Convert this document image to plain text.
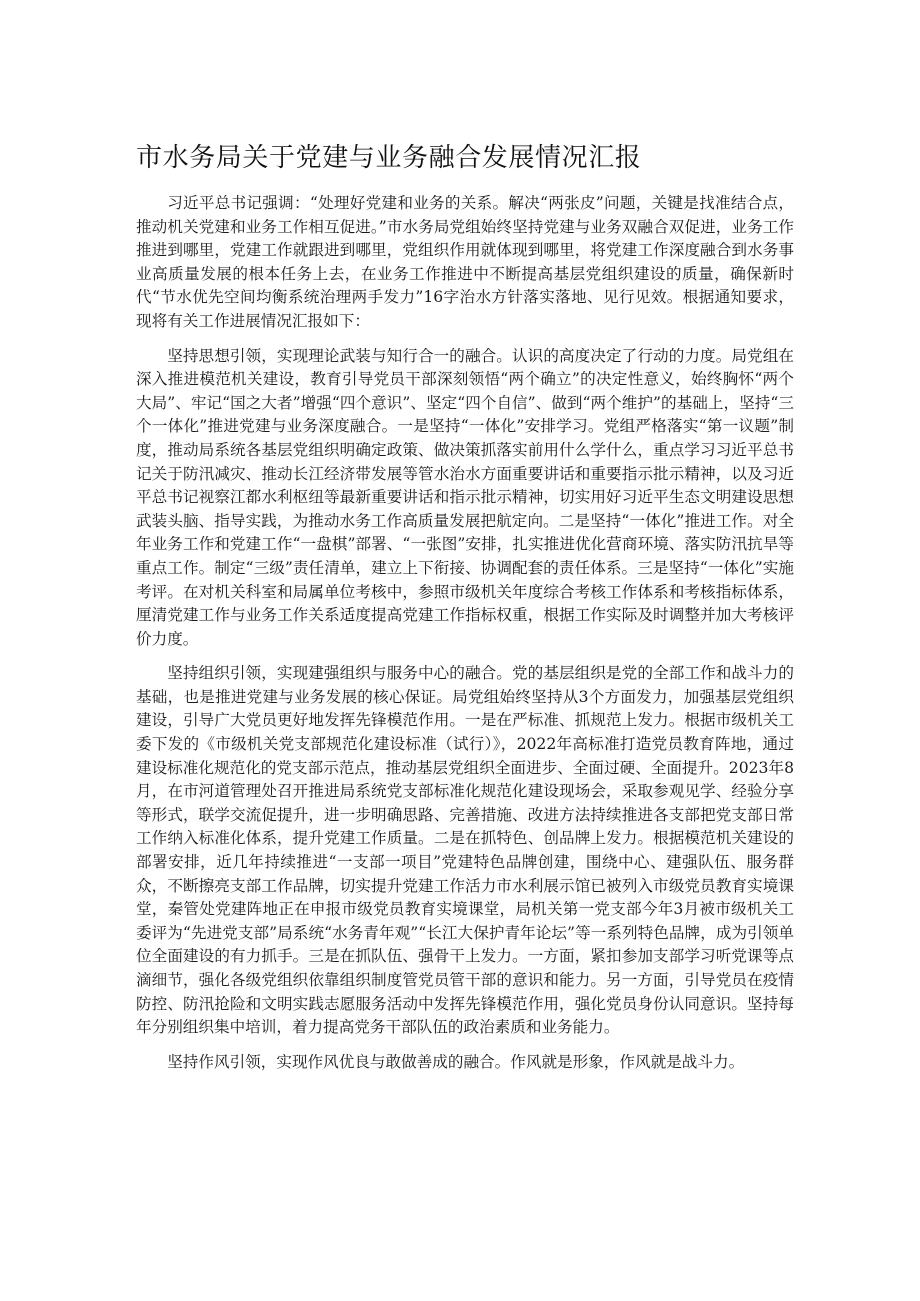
市水务局关于党建与业务融合发展情况汇报

习近平总书记强调：“处理好党建和业务的关系。解决“两张皮”问题，关键是找准结合点，推动机关党建和业务工作相互促进。”市水务局党组始终坚持党建与业务双融合双促进，业务工作推进到哪里，党建工作就跟进到哪里，党组织作用就体现到哪里，将党建工作深度融合到水务事业高质量发展的根本任务上去，在业务工作推进中不断提高基层党组织建设的质量，确保新时代“节水优先空间均衡系统治理两手发力”16字治水方针落实落地、见行见效。根据通知要求，现将有关工作进展情况汇报如下：

坚持思想引领，实现理论武装与知行合一的融合。认识的高度决定了行动的力度。局党组在深入推进模范机关建设，教育引导党员干部深刻领悟“两个确立”的决定性意义，始终胸怀“两个大局”、牢记“国之大者”增强“四个意识”、坚定“四个自信”、做到“两个维护”的基础上，坚持“三个一体化”推进党建与业务深度融合。一是坚持“一体化”安排学习。党组严格落实“第一议题”制度，推动局系统各基层党组织明确定政策、做决策抓落实前用什么学什么，重点学习习近平总书记关于防汛减灾、推动长江经济带发展等管水治水方面重要讲话和重要指示批示精神，以及习近平总书记视察江都水利枢纽等最新重要讲话和指示批示精神，切实用好习近平生态文明建设思想武装头脑、指导实践，为推动水务工作高质量发展把航定向。二是坚持“一体化”推进工作。对全年业务工作和党建工作“一盘棋”部署、“一张图”安排，扎实推进优化营商环境、落实防汛抗旱等重点工作。制定“三级”责任清单，建立上下衔接、协调配套的责任体系。三是坚持“一体化”实施考评。在对机关科室和局属单位考核中，参照市级机关年度综合考核工作体系和考核指标体系，厘清党建工作与业务工作关系适度提高党建工作指标权重，根据工作实际及时调整并加大考核评价力度。

坚持组织引领，实现建强组织与服务中心的融合。党的基层组织是党的全部工作和战斗力的基础，也是推进党建与业务发展的核心保证。局党组始终坚持从3个方面发力，加强基层党组织建设，引导广大党员更好地发挥先锋模范作用。一是在严标准、抓规范上发力。根据市级机关工委下发的《市级机关党支部规范化建设标准（试行）》，2022年高标准打造党员教育阵地，通过建设标准化规范化的党支部示范点，推动基层党组织全面进步、全面过硬、全面提升。2023年8月，在市河道管理处召开推进局系统党支部标准化规范化建设现场会，采取参观见学、经验分享等形式，联学交流促提升，进一步明确思路、完善措施、改进方法持续推进各支部把党支部日常工作纳入标准化体系，提升党建工作质量。二是在抓特色、创品牌上发力。根据模范机关建设的部署安排，近几年持续推进“一支部一项目”党建特色品牌创建，围绕中心、建强队伍、服务群众，不断擦亮支部工作品牌，切实提升党建工作活力市水利展示馆已被列入市级党员教育实境课堂，秦管处党建阵地正在申报市级党员教育实境课堂，局机关第一党支部今年3月被市级机关工委评为“先进党支部”局系统“水务青年观”“长江大保护青年论坛”等一系列特色品牌，成为引领单位全面建设的有力抓手。三是在抓队伍、强骨干上发力。一方面，紧扣参加支部学习听党课等点滴细节，强化各级党组织依靠组织制度管党员管干部的意识和能力。另一方面，引导党员在疫情防控、防汛抢险和文明实践志愿服务活动中发挥先锋模范作用，强化党员身份认同意识。坚持每年分别组织集中培训，着力提高党务干部队伍的政治素质和业务能力。

坚持作风引领，实现作风优良与敢做善成的融合。作风就是形象，作风就是战斗力。
